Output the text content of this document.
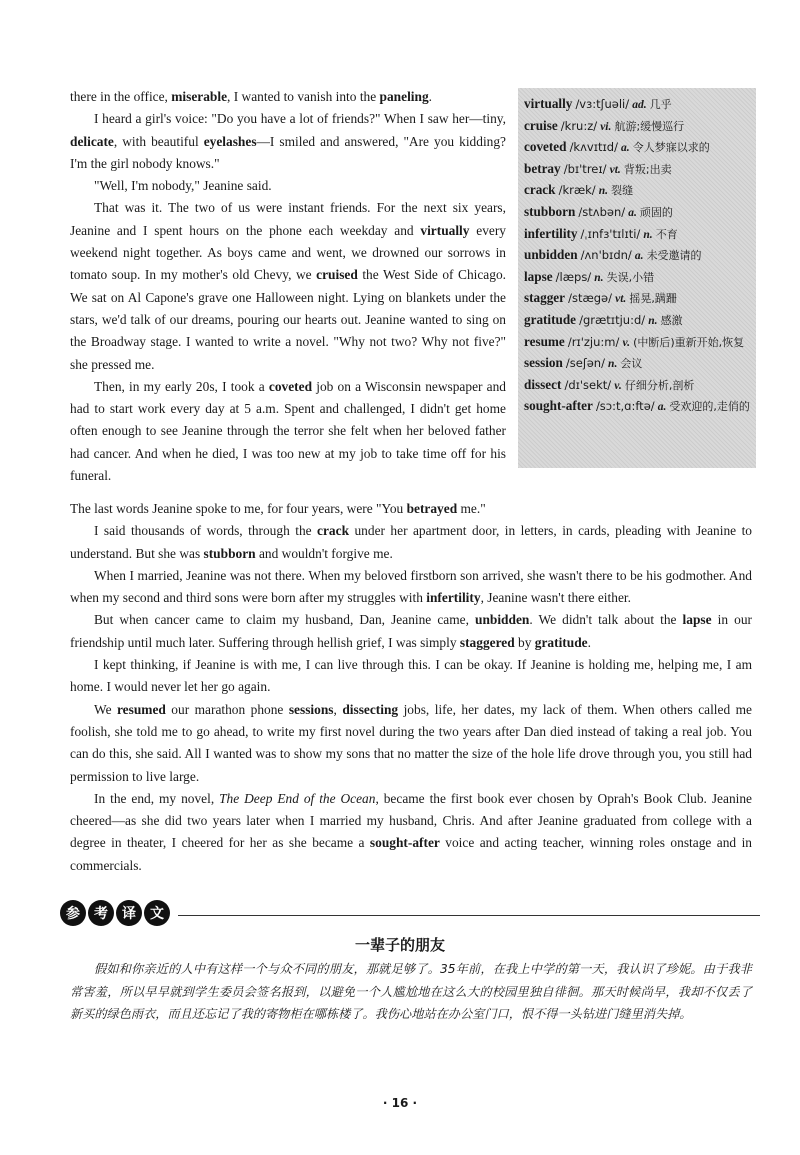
there in the office, miserable, I wanted to vanish into the paneling.

I heard a girl's voice: "Do you have a lot of friends?" When I saw her—tiny, delicate, with beautiful eyelashes—I smiled and answered, "Are you kidding? I'm the girl nobody knows."

"Well, I'm nobody," Jeanine said.

That was it. The two of us were instant friends. For the next six years, Jeanine and I spent hours on the phone each weekday and virtually every weekend night together. As boys came and went, we drowned our sorrows in tomato soup. In my mother's old Chevy, we cruised the West Side of Chicago. We sat on Al Capone's grave one Halloween night. Lying on blankets under the stars, we'd talk of our dreams, pouring our hearts out. Jeanine wanted to sing on the Broadway stage. I wanted to write a novel. "Why not two? Why not five?" she pressed me.

Then, in my early 20s, I took a coveted job on a Wisconsin newspaper and had to start work every day at 5 a.m. Spent and challenged, I didn't get home often enough to see Jeanine through the terror she felt when her beloved father had cancer. And when he died, I was too new at my job to take time off for his funeral.

virtually /vɜ:tʃuəli/ ad. 几乎
cruise /kru:z/ vi. 航游;缓慢巡行
coveted /kʌvɪtɪd/ a. 令人梦寐以求的
betray /bɪ'treɪ/ vt. 背叛;出卖
crack /kræk/ n. 裂缝
stubborn /stʌbən/ a. 顽固的
infertility /ˌɪnfɜ'tɪlɪti/ n. 不育
unbidden /ʌn'bɪdn/ a. 未受邀请的
lapse /læps/ n. 失误,小错
stagger /stægə/ vt. 摇晃,蹒跚
gratitude /grætɪtju:d/ n. 感激
resume /rɪ'zju:m/ v. (中断后)重新开始,恢复
session /seʃən/ n. 会议
dissect /dɪ'sekt/ v. 仔细分析,剖析
sought-after /sɔ:t,ɑ:ftə/ a. 受欢迎的,走俏的

The last words Jeanine spoke to me, for four years, were "You betrayed me."

I said thousands of words, through the crack under her apartment door, in letters, in cards, pleading with Jeanine to understand. But she was stubborn and wouldn't forgive me.

When I married, Jeanine was not there. When my beloved firstborn son arrived, she wasn't there to be his godmother. And when my second and third sons were born after my struggles with infertility, Jeanine wasn't there either.

But when cancer came to claim my husband, Dan, Jeanine came, unbidden. We didn't talk about the lapse in our friendship until much later. Suffering through hellish grief, I was simply staggered by gratitude.

I kept thinking, if Jeanine is with me, I can live through this. I can be okay. If Jeanine is holding me, helping me, I am home. I would never let her go again.

We resumed our marathon phone sessions, dissecting jobs, life, her dates, my lack of them. When others called me foolish, she told me to go ahead, to write my first novel during the two years after Dan died instead of taking a real job. You can do this, she said. All I wanted was to show my sons that no matter the size of the hole life drove through you, you still had permission to live large.

In the end, my novel, The Deep End of the Ocean, became the first book ever chosen by Oprah's Book Club. Jeanine cheered—as she did two years later when I married my husband, Chris. And after Jeanine graduated from college with a degree in theater, I cheered for her as she became a sought-after voice and acting teacher, winning roles onstage and in commercials.

参	考	译	文
一辈子的朋友
假如和你亲近的人中有这样一个与众不同的朋友，那就足够了。35年前，在我上中学的第一天，我认识了珍妮。由于我非常害羞，所以早早就到学生委员会签名报到，以避免一个人尴尬地在这么大的校园里独自徘徊。那天时候尚早，我却不仅丢了新买的绿色雨衣，而且还忘记了我的寄物柜在哪栋楼了。我伤心地站在办公室门口，恨不得一头钻进门缝里消失掉。
· 16 ·
